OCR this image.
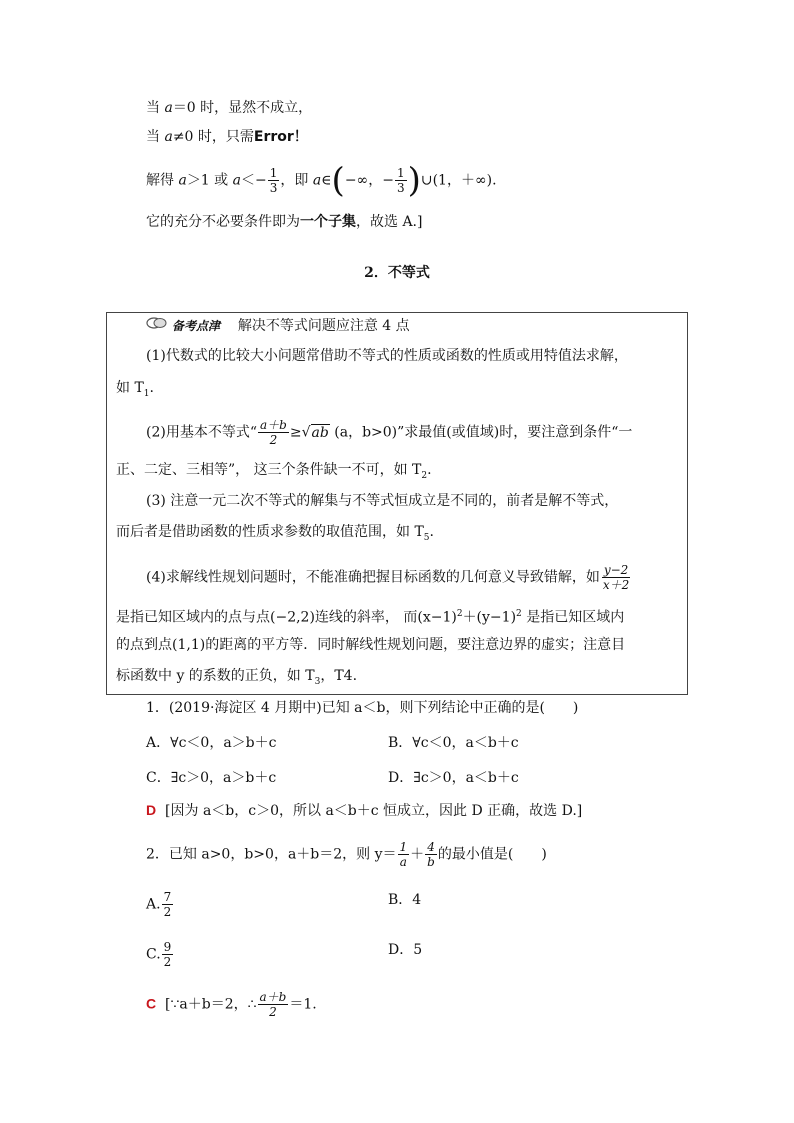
当 a＝0 时，显然不成立，
当 a≠0 时，只需Error！
解得 a＞1 或 $a<- \frac{1}{3}$ ，即 a∈(−∞，− $\frac{1}{3}$ )∪(1，＋∞).
它的充分不必要条件即为一个子集，故选 A.]
2．不等式
备考点津 解决不等式问题应注意 4 点
(1)代数式的比较大小问题常借助不等式的性质或函数的性质或用特值法求解，
如 $T_1$.
(2)用基本不等式“ $\frac{a+b}{2} \ge√ab$ (a，b>0)”求最值(或值域)时，要注意到条件“一
正、二定、三相等”， 这三个条件缺一不可，如 $T_2$.
(3) 注意一元二次不等式的解集与不等式恒成立是不同的，前者是解不等式，
而后者是借助函数的性质求参数的取值范围，如 $T_5$.
(4)求解线性规划问题时，不能准确把握目标函数的几何意义导致错解，如 $\frac{y-2}{x+2}$
是指已知区域内的点与点(−2,2)连线的斜率， 而$(x-1)^2+(y-1)^2$ 是指已知区域内
的点到点(1,1)的距离的平方等．同时解线性规划问题，要注意边界的虚实；注意目
标函数中 y 的系数的正负，如 $T_3$，T4.
1．(2019·海淀区 4 月期中)已知 a＜b，则下列结论中正确的是(　　)
A．∀c＜0，a＞b＋c	B．∀c＜0，a＜b＋c
C．∃c＞0，a＞b＋c	D．∃c＞0，a＜b＋c
D [因为 a＜b，c＞0，所以 a＜b＋c 恒成立，因此 D 正确，故选 D.]
2．已知 a>0，b>0，a＋b＝2，则 $y= \frac{1}{a} + \frac{4}{b}$ 的最小值是(　　)
A. $\frac{7}{2}$	B．4
C. $\frac{9}{2}$	D．5
C [∵a＋b＝2，∴ $\frac{a+b}{2} =1$.
